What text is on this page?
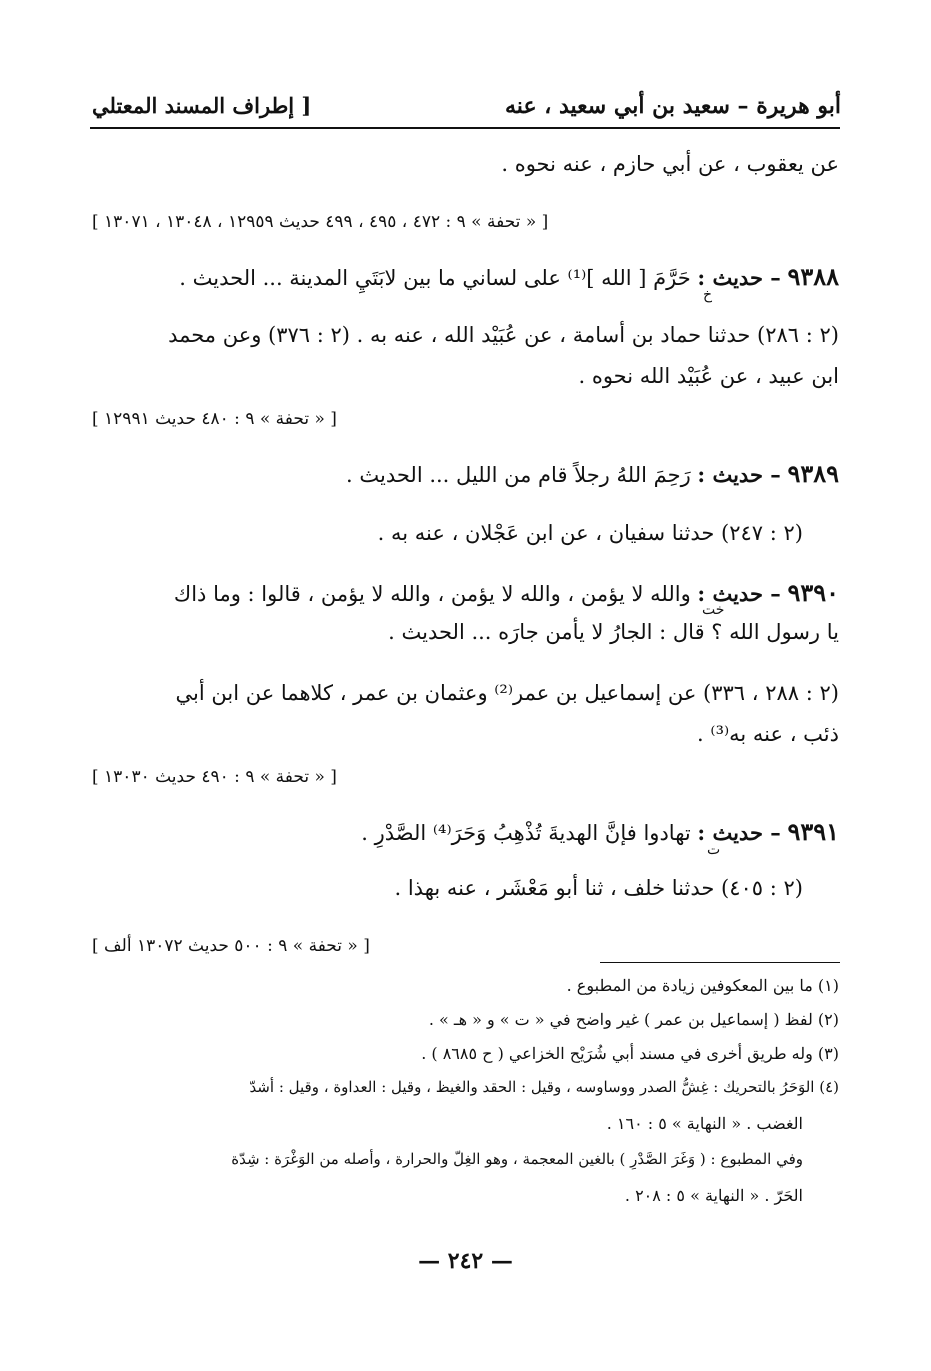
أبو هريرة – سعيد بن أبي سعيد ، عنه
[ إطراف المسند المعتلي
عن يعقوب ، عن أبي حازم ، عنه نحوه .
[ « تحفة » ٩ : ٤٧٢ ، ٤٩٥ ، ٤٩٩ حديث ١٢٩٥٩ ، ١٣٠٤٨ ، ١٣٠٧١ ]
٩٣٨٨ – حديث : حَرَّمَ [ الله ]⁽¹⁾ على لساني ما بين لابَتَيِ المدينة ... الحديث .
خ
(٢ : ٢٨٦) حدثنا حماد بن أسامة ، عن عُبَيْد الله ، عنه به . (٢ : ٣٧٦) وعن محمد
ابن عبيد ، عن عُبَيْد الله نحوه .
[ « تحفة » ٩ : ٤٨٠ حديث ١٢٩٩١ ]
٩٣٨٩ – حديث : رَحِمَ اللهُ رجلاً قام من الليل ... الحديث .
(٢ : ٢٤٧) حدثنا سفيان ، عن ابن عَجْلان ، عنه به .
٩٣٩٠ – حديث : والله لا يؤمن ، والله لا يؤمن ، والله لا يؤمن ، قالوا : وما ذاك
خت
يا رسول الله ؟ قال : الجارُ لا يأمن جارَه ... الحديث .
(٢ : ٢٨٨ ، ٣٣٦) عن إسماعيل بن عمر⁽²⁾ وعثمان بن عمر ، كلاهما عن ابن أبي
ذئب ، عنه به⁽³⁾ .
[ « تحفة » ٩ : ٤٩٠ حديث ١٣٠٣٠ ]
٩٣٩١ – حديث : تهادوا فإنَّ الهديةَ تُذْهِبُ وَحَرَ⁽⁴⁾ الصَّدْرِ .
ت
(٢ : ٤٠٥) حدثنا خلف ، ثنا أبو مَعْشَر ، عنه بهذا .
[ « تحفة » ٩ : ٥٠٠ حديث ١٣٠٧٢ ألف ]
(١) ما بين المعكوفين زيادة من المطبوع .
(٢) لفظ ( إسماعيل بن عمر ) غير واضح في « ت » و « هـ » .
(٣) وله طريق أخرى في مسند أبي شُرَيْح الخزاعي ( ح ٨٦٨٥ ) .
(٤) الوَحَرُ بالتحريك : غِشُّ الصدر ووساوسه ، وقيل : الحقد والغيظ ، وقيل : العداوة ، وقيل : أشدّ
الغضب . « النهاية » ٥ : ١٦٠ .
وفي المطبوع : ( وَغَرَ الصَّدْرِ ) بالغين المعجمة ، وهو الغِلّ والحرارة ، وأصله من الوَغْرَة : شِدّة
الحَرّ . « النهاية » ٥ : ٢٠٨ .
— ٢٤٢ —
